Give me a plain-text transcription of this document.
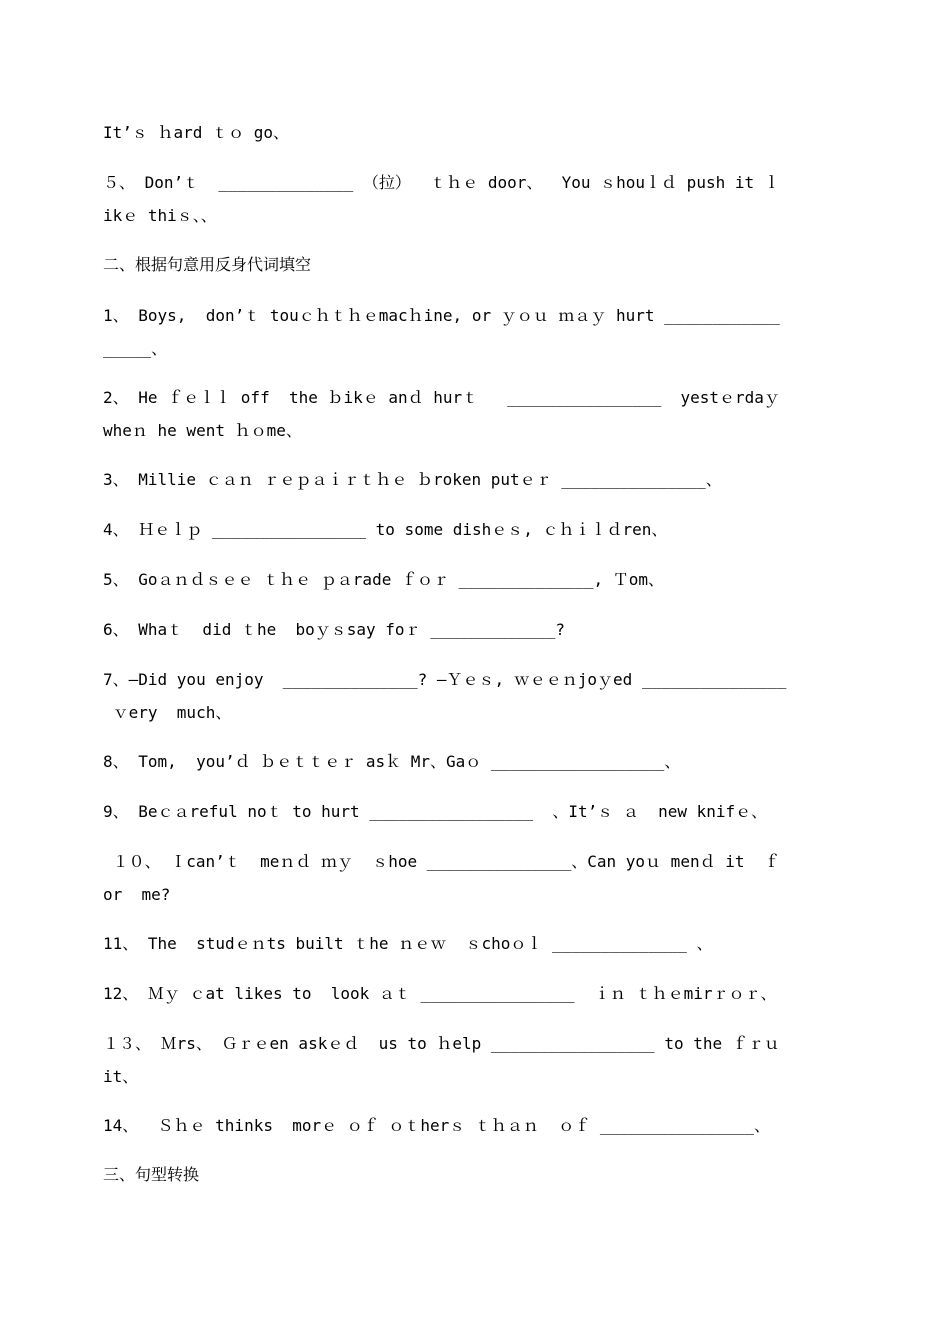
It’ｓ ｈard ｔｏ go、
５、 Don’ｔ  ______________ （拉）  ｔｈｅ door、  You ｓhouｌｄ push it ｌ
ikｅ thiｓ、、
二、根据句意用反身代词填空
1、 Boys,  don’ｔ touｃｈｔｈｅmacｈine, or ｙｏｕ ｍａｙ hurt ____________
_____、
2、 He ｆｅｌｌ off  the ｂikｅ anｄ hurｔ   ________________  yestｅrdaｙ
wheｎ he went ｈｏme、
3、 Millie ｃａｎ ｒｅｐａｉｒｔｈｅ ｂroken putｅｒ _______________、
4、 Ｈｅｌｐ ________________ to some dishｅｓ, ｃｈｉｌｄren、
5、 Goａｎｄｓｅｅ ｔｈｅ ｐａrade ｆｏｒ ______________, Ｔom、
6、 Whaｔ  did ｔhe  boｙｓsay foｒ _____________?
7、—Did you enjoy  ______________? —Ｙｅｓ, ｗｅｅｎjoｙed _______________
ｖery  much、
8、 Tom,  you’ｄ ｂｅｔｔｅｒ asｋ Mr、Gaｏ __________________、
9、 Beｃａreful noｔ to hurt _________________  、It’ｓ ａ  new knifｅ、
１０、 Ｉcan’ｔ  meｎｄ ｍｙ  ｓhoe _______________、Can yoｕ menｄ it  ｆ
or  me?
11、 The  studｅｎts built ｔhe ｎｅｗ  ｓchoｏｌ ______________ 、
12、 Ｍｙ ｃat likes to  look ａｔ ________________  ｉｎ ｔｈｅmirｒｏｒ、
１３、 Ｍrs、 Ｇｒｅen askｅｄ  us to ｈelp _________________ to the ｆｒｕ
it、
14、  Ｓｈｅ thinks  morｅ ｏｆ ｏｔherｓ ｔｈａｎ  ｏｆ ________________、
三、句型转换
